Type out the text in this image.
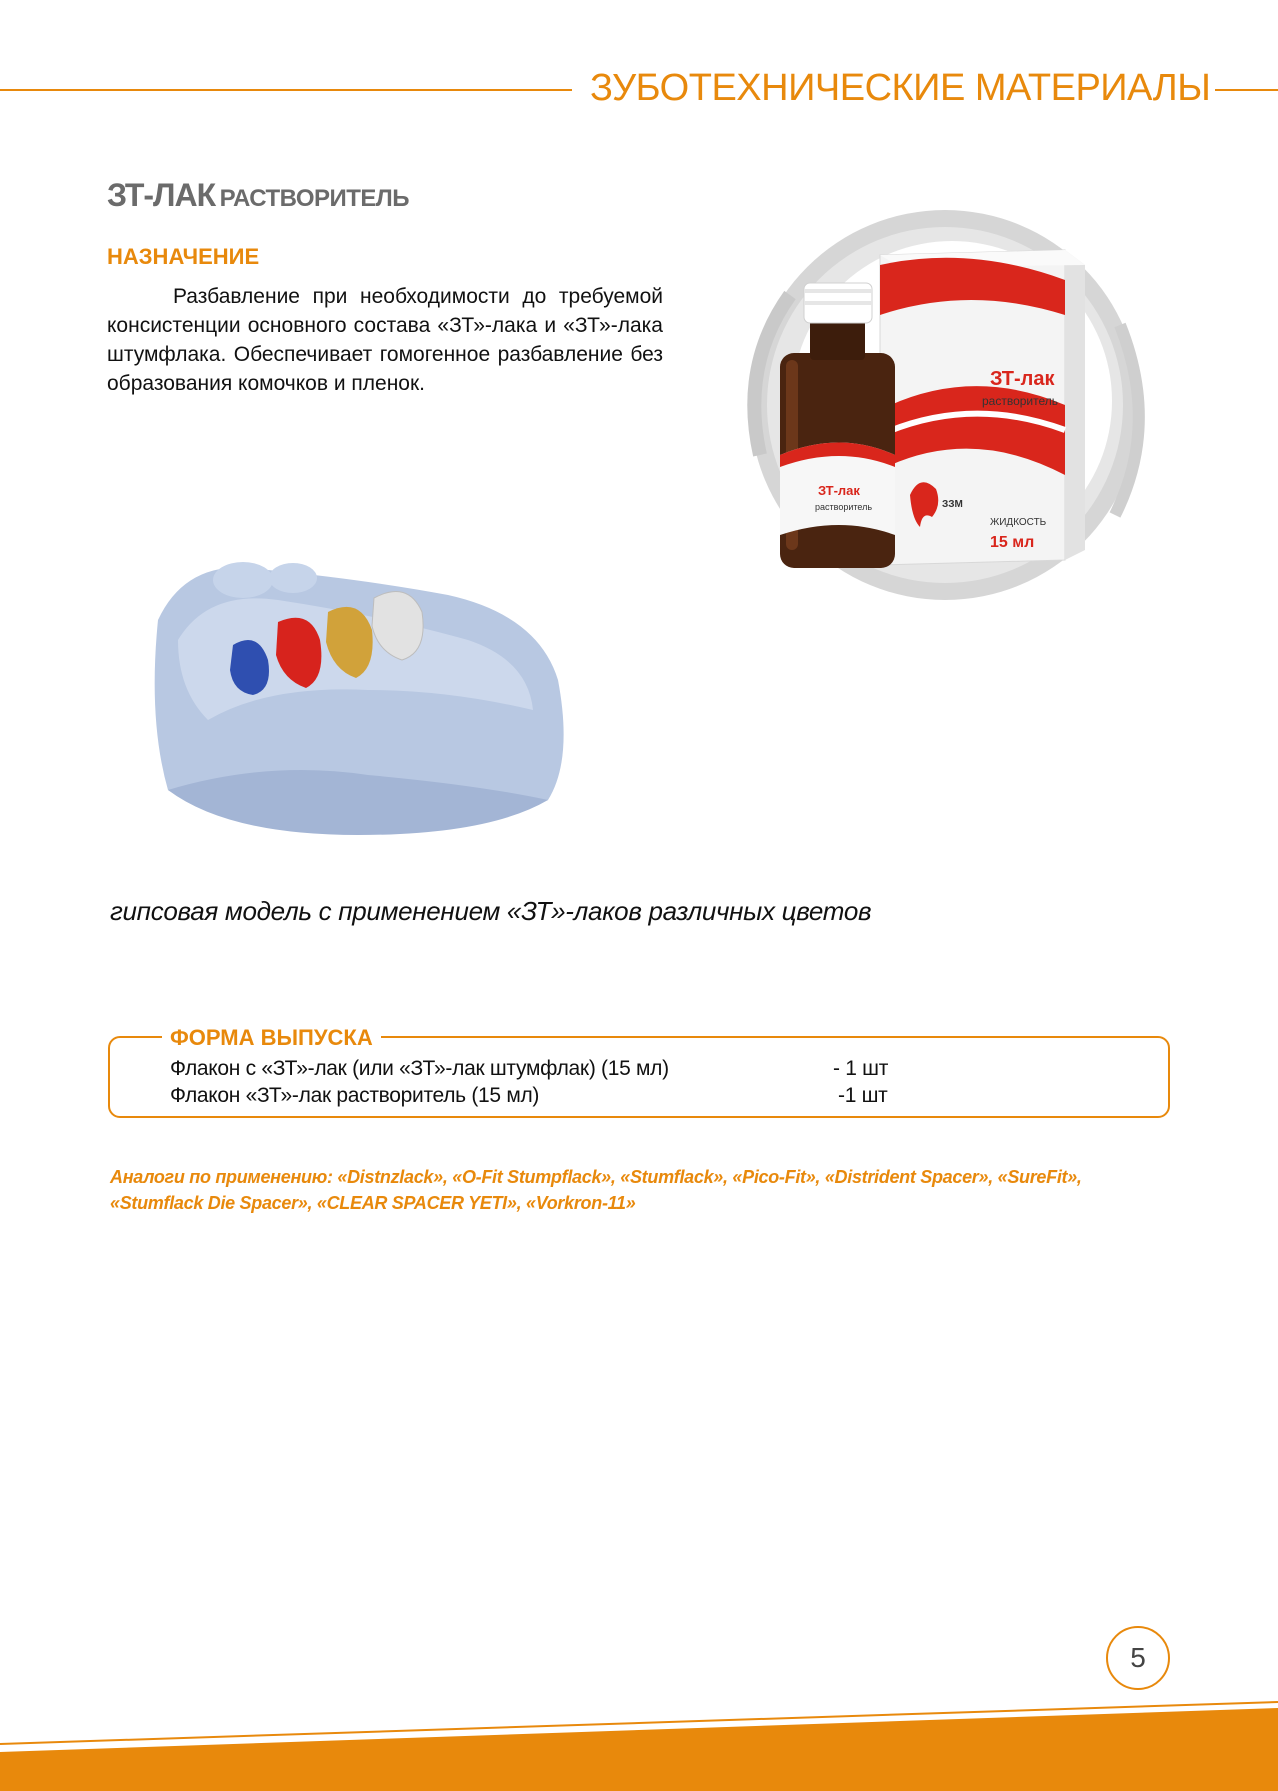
ЗУБОТЕХНИЧЕСКИЕ МАТЕРИАЛЫ
ЗТ-ЛАК РАСТВОРИТЕЛЬ
НАЗНАЧЕНИЕ

Разбавление при необходимости до требуемой консистенции основного состава «ЗТ»-лака и «ЗТ»-лака штумфлака. Обеспечивает гомогенное разбавление без образования комочков и пленок.	ЗТ-лак
растворитель
ЗЗМ
ЖИДКОСТЬ
15 мл
ЗТ-лак
растворитель
гипсовая модель с применением «ЗТ»-лаков различных цветов
ФОРМА ВЫПУСКА
Флакон с «ЗТ»-лак (или «ЗТ»-лак штумфлак) (15 мл)	- 1 шт
Флакон «ЗТ»-лак растворитель (15 мл)	-1 шт
Аналоги по применению: «Distnzlack», «O-Fit Stumpflack», «Stumflack», «Pico-Fit», «Distrident Spacer», «SureFit», «Stumflack Die Spacer», «CLEAR SPACER YETI», «Vorkron-11»
5
